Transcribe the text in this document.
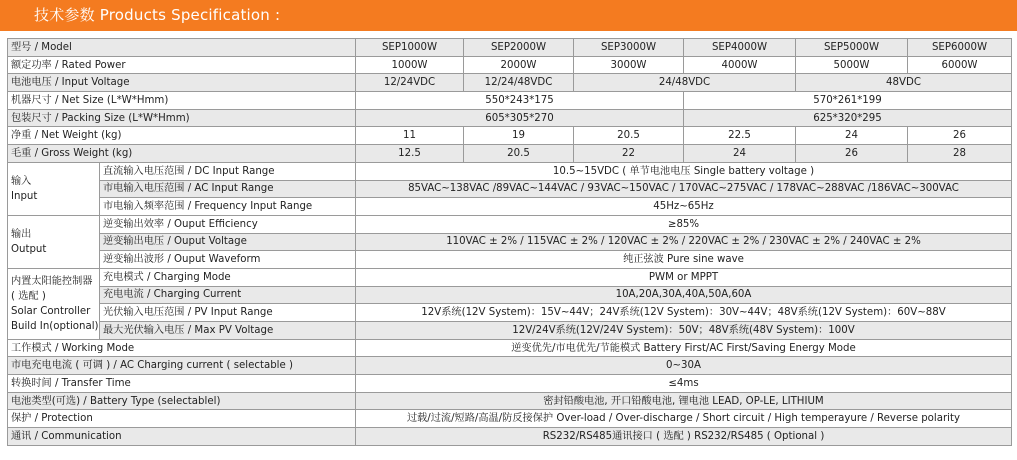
技术参数 Products Specification :
型号 / Model		SEP1000W	SEP2000W	SEP3000W	SEP4000W	SEP5000W	SEP6000W
额定功率 / Rated Power		1000W	2000W	3000W	4000W	5000W	6000W
电池电压 / Input Voltage		12/24VDC	12/24/48VDC	24/48VDC		48VDC	
机器尺寸 / Net Size (L*W*Hmm)		550*243*175			570*261*199		
包装尺寸 / Packing Size (L*W*Hmm)		605*305*270			625*320*295		
净重 / Net Weight (kg)		11	19	20.5	22.5	24	26
毛重 / Gross Weight (kg)		12.5	20.5	22	24	26	28

输入
Input	直流输入电压范围 / DC Input Range	10.5~15VDC ( 单节电池电压 Single battery voltage )					
	市电输入电压范围 / AC Input Range	85VAC~138VAC /89VAC~144VAC / 93VAC~150VAC / 170VAC~275VAC / 178VAC~288VAC /186VAC~300VAC					
	市电输入频率范围 / Frequency Input Range	45Hz~65Hz					

输出
Output	逆变输出效率 / Ouput Efficiency	≥85%					
	逆变输出电压 / Ouput Voltage	110VAC ± 2% / 115VAC ± 2% / 120VAC ± 2% / 220VAC ± 2% / 230VAC ± 2% / 240VAC ± 2%					
	逆变输出波形 / Ouput Waveform	纯正弦波 Pure sine wave					

内置太阳能控制器
( 选配 )
Solar Controller
Build In(optional)	充电模式 / Charging Mode	PWM or MPPT					
	充电电流 / Charging Current	10A,20A,30A,40A,50A,60A					
	光伏输入电压范围 / PV Input Range	12V系统(12V System)：15V~44V；24V系统(12V System)：30V~44V；48V系统(12V System)：60V~88V					
	最大光伏输入电压 / Max PV Voltage	12V/24V系统(12V/24V System)：50V；48V系统(48V System)：100V					
工作模式 / Working Mode		逆变优先/市电优先/节能模式 Battery First/AC First/Saving Energy Mode					
市电充电电流 ( 可调 ) / AC Charging current ( selectable )		0~30A					
转换时间 / Transfer Time		≤4ms					
电池类型(可选) / Battery Type (selectablel)		密封铅酸电池, 开口铅酸电池, 锂电池 LEAD, OP-LE, LITHIUM					
保护 / Protection		过载/过流/短路/高温/防反接保护 Over-load / Over-discharge / Short circuit / High temperayure / Reverse polarity					
通讯 / Communication		RS232/RS485通讯接口 ( 选配 ) RS232/RS485 ( Optional )					
